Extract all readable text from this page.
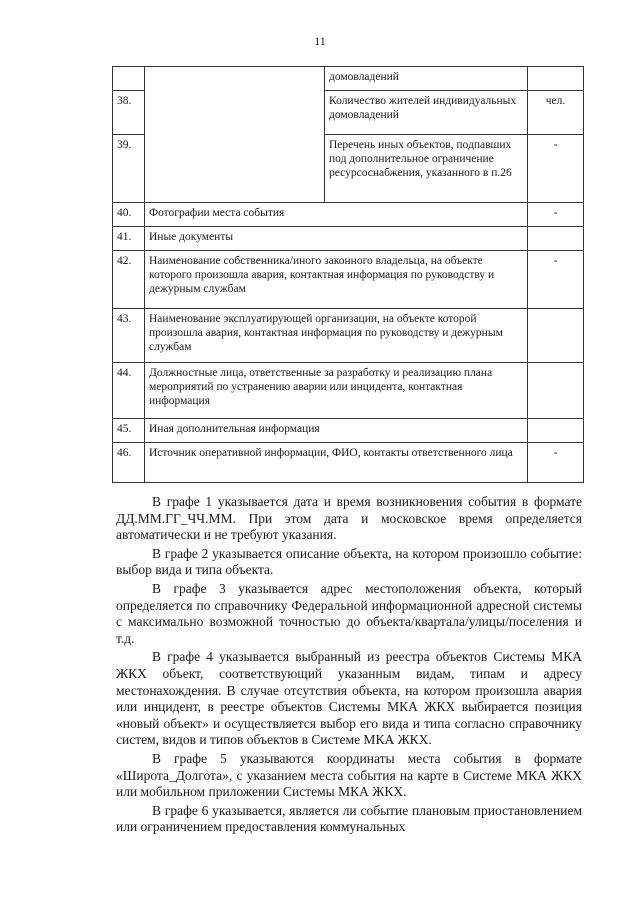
11
		домовладений	
38.		Количество жителей индивидуальных домовладений	чел.
39.		Перечень иных объектов, подпавших под дополнительное ограничение ресурсоснабжения, указанного в п.26	-
40.	Фотографии места события		-
41.	Иные документы		
42.	Наименование собственника/иного законного владельца, на объекте которого произошла авария, контактная информация по руководству и дежурным службам		-
43.	Наименование эксплуатирующей организации, на объекте которой произошла авария, контактная информация по руководству и дежурным службам		
44.	Должностные лица, ответственные за разработку и реализацию плана мероприятий по устранению аварии или инцидента, контактная информация		
45.	Иная дополнительная информация		
46.	Источник оперативной информации, ФИО, контакты ответственного лица		-

В графе 1 указывается дата и время возникновения события в формате ДД.ММ.ГГ_ЧЧ.ММ. При этом дата и московское время определяется автоматически и не требуют указания.

В графе 2 указывается описание объекта, на котором произошло событие: выбор вида и типа объекта.

В графе 3 указывается адрес местоположения объекта, который определяется по справочнику Федеральной информационной адресной системы с максимально возможной точностью до объекта/квартала/улицы/поселения и т.д.

В графе 4 указывается выбранный из реестра объектов Системы МКА ЖКХ объект, соответствующий указанным видам, типам и адресу местонахождения. В случае отсутствия объекта, на котором произошла авария или инцидент, в реестре объектов Системы МКА ЖКХ выбирается позиция «новый объект» и осуществляется выбор его вида и типа согласно справочнику систем, видов и типов объектов в Системе МКА ЖКХ.

В графе 5 указываются координаты места события в формате «Широта_Долгота», с указанием места события на карте в Системе МКА ЖКХ или мобильном приложении Системы МКА ЖКХ.

В графе 6 указывается, является ли событие плановым приостановлением или ограничением предоставления коммунальных
